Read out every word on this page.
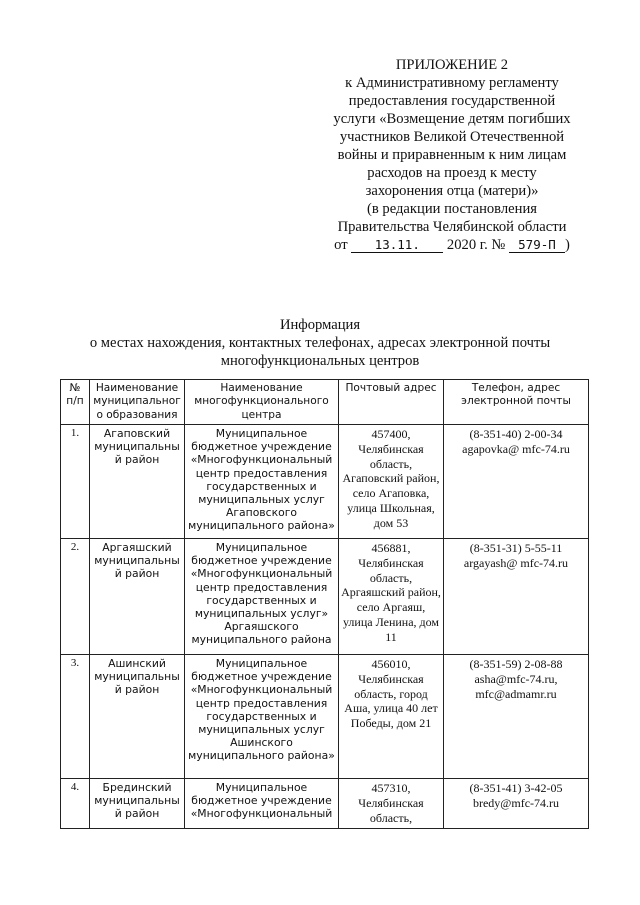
ПРИЛОЖЕНИЕ 2
к Административному регламенту
предоставления государственной
услуги «Возмещение детям погибших
участников Великой Отечественной
войны и приравненным к ним лицам
расходов на проезд к месту
захоронения отца (матери)»
(в редакции постановления
Правительства Челябинской области
от 13.11. 2020 г. № 579-П )
Информация
о местах нахождения, контактных телефонах, адресах электронной почты
многофункциональных центров
№ п/п	Наименование муниципального образования	Наименование многофункционального центра	Почтовый адрес	Телефон, адрес электронной почты
1.	Агаповский муниципальный район	Муниципальное бюджетное учреждение «Многофункциональный центр предоставления государственных и муниципальных услуг Агаповского муниципального района»	457400, Челябинская область, Агаповский район, село Агаповка, улица Школьная, дом 53	(8-351-40) 2-00-34
agapovka@ mfc-74.ru

2.	Аргаяшский муниципальный район	Муниципальное бюджетное учреждение «Многофункциональный центр предоставления государственных и муниципальных услуг» Аргаяшского муниципального района	456881, Челябинская область, Аргаяшский район, село Аргаяш, улица Ленина, дом 11	(8-351-31) 5-55-11
argayash@ mfc-74.ru

3.	Ашинский муниципальный район	Муниципальное бюджетное учреждение «Многофункциональный центр предоставления государственных и муниципальных услуг Ашинского муниципального района»	456010, Челябинская область, город Аша, улица 40 лет Победы, дом 21	(8-351-59) 2-08-88
asha@mfc-74.ru, mfc@admamr.ru

4.	Брединский муниципальный район	Муниципальное бюджетное учреждение «Многофункциональный	457310, Челябинская область,	(8-351-41) 3-42-05
bredy@mfc-74.ru
